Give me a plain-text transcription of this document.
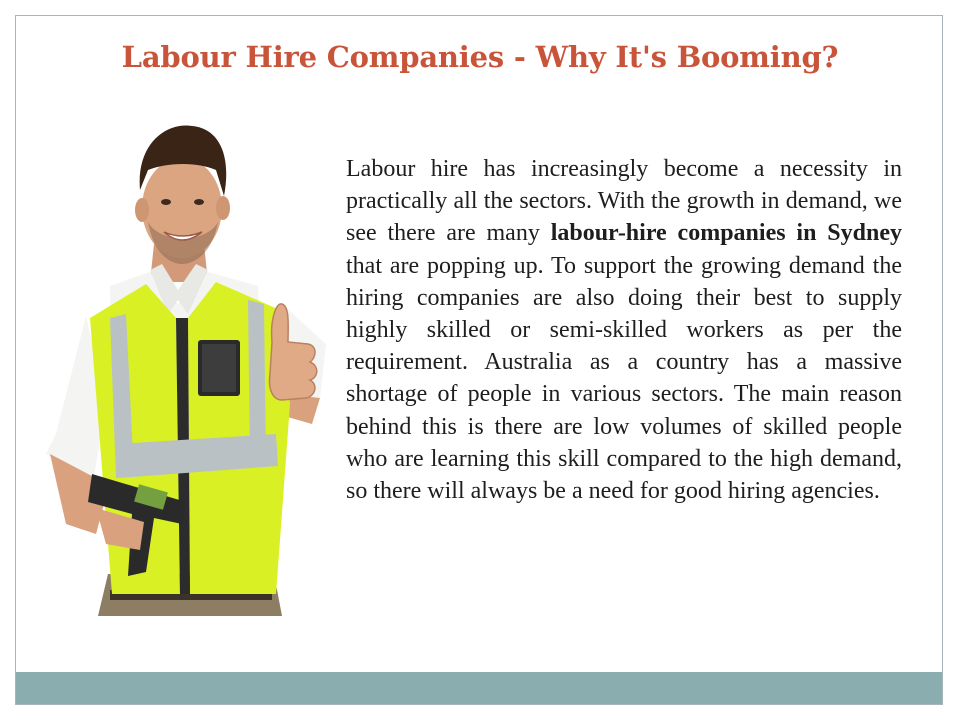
Labour Hire Companies - Why It's Booming?

Labour hire has increasingly become a necessity in practically all the sectors. With the growth in demand, we see there are many labour-hire companies in Sydney that are popping up. To support the growing demand the hiring companies are also doing their best to supply highly skilled or semi-skilled workers as per the requirement. Australia as a country has a massive shortage of people in various sectors. The main reason behind this is there are low volumes of skilled people who are learning this skill compared to the high demand, so there will always be a need for good hiring agencies.
